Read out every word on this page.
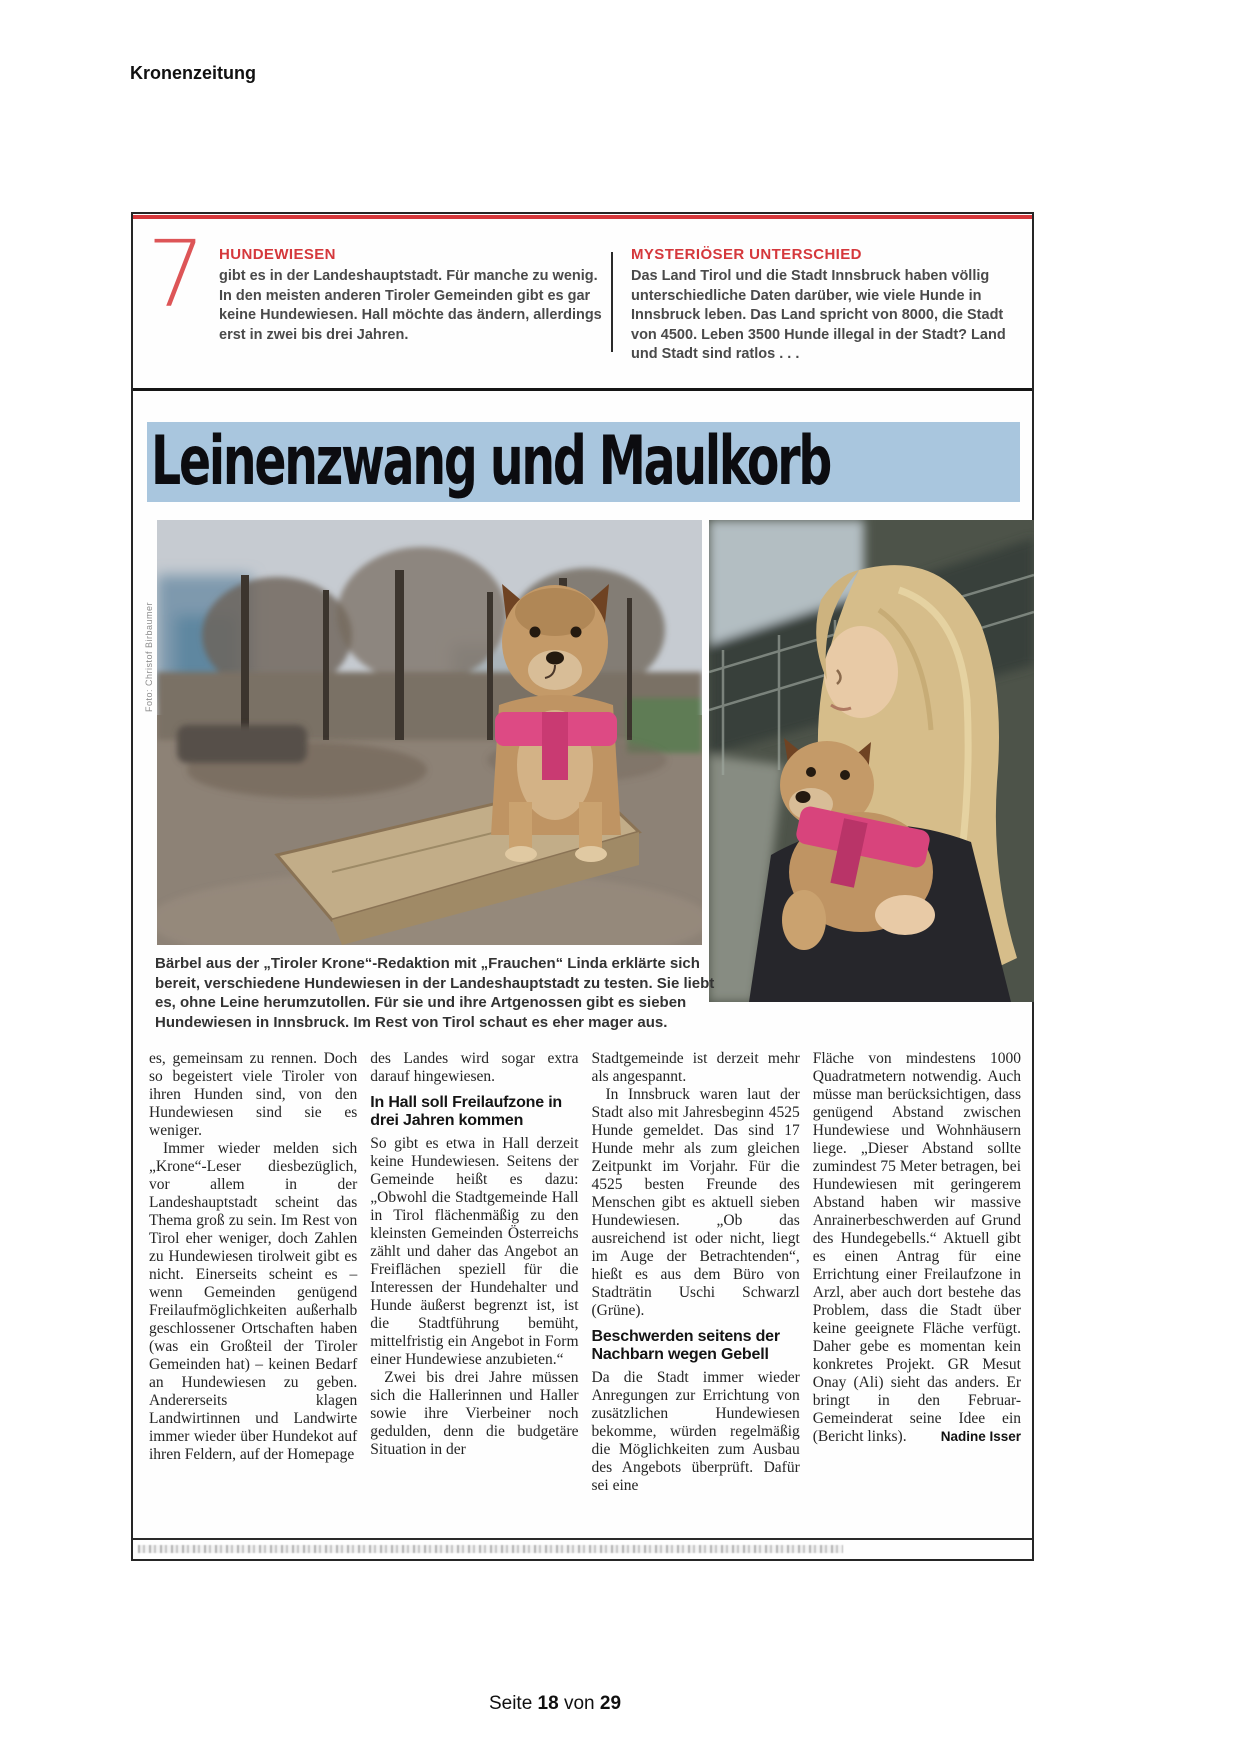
Kronenzeitung
7 HUNDEWIESEN

gibt es in der Landeshauptstadt. Für manche zu wenig. In den meisten anderen Tiroler Gemeinden gibt es gar keine Hundewiesen. Hall möchte das ändern, allerdings erst in zwei bis drei Jahren.

MYSTERIÖSER UNTERSCHIED

Das Land Tirol und die Stadt Innsbruck haben völlig unterschiedliche Daten darüber, wie viele Hunde in Innsbruck leben. Das Land spricht von 8000, die Stadt von 4500. Leben 3500 Hunde illegal in der Stadt? Land und Stadt sind ratlos . . .

Leinenzwang und Maulkorb
Foto: Christof Birbaumer

Bärbel aus der „Tiroler Krone“-Redaktion mit „Frauchen“ Linda erklärte sich bereit, verschiedene Hundewiesen in der Landeshauptstadt zu testen. Sie liebt es, ohne Leine herumzutollen. Für sie und ihre Artgenossen gibt es sieben Hundewiesen in Innsbruck. Im Rest von Tirol schaut es eher mager aus.

es, gemeinsam zu rennen. Doch so begeistert viele Tiroler von ihren Hunden sind, von den Hundewiesen sind sie es weniger.

Immer wieder melden sich „Krone“-Leser diesbezüglich, vor allem in der Landeshauptstadt scheint das Thema groß zu sein. Im Rest von Tirol eher weniger, doch Zahlen zu Hundewiesen tirolweit gibt es nicht. Einerseits scheint es – wenn Gemeinden genügend Freilaufmöglichkeiten außerhalb geschlossener Ortschaften haben (was ein Großteil der Tiroler Gemeinden hat) – keinen Bedarf an Hundewiesen zu geben. Andererseits klagen Landwirtinnen und Landwirte immer wieder über Hundekot auf ihren Feldern, auf der Homepage

des Landes wird sogar extra darauf hingewiesen.

In Hall soll Freilaufzone in drei Jahren kommen

So gibt es etwa in Hall derzeit keine Hundewiesen. Seitens der Gemeinde heißt es dazu: „Obwohl die Stadtgemeinde Hall in Tirol flächenmäßig zu den kleinsten Gemeinden Österreichs zählt und daher das Angebot an Freiflächen speziell für die Interessen der Hundehalter und Hunde äußerst begrenzt ist, ist die Stadtführung bemüht, mittelfristig ein Angebot in Form einer Hundewiese anzubieten.“

Zwei bis drei Jahre müssen sich die Hallerinnen und Haller sowie ihre Vierbeiner noch gedulden, denn die budgetäre Situation in der

Stadtgemeinde ist derzeit mehr als angespannt.

In Innsbruck waren laut der Stadt also mit Jahresbeginn 4525 Hunde gemeldet. Das sind 17 Hunde mehr als zum gleichen Zeitpunkt im Vorjahr. Für die 4525 besten Freunde des Menschen gibt es aktuell sieben Hundewiesen. „Ob das ausreichend ist oder nicht, liegt im Auge der Betrachtenden“, hießt es aus dem Büro von Stadträtin Uschi Schwarzl (Grüne).

Beschwerden seitens der Nachbarn wegen Gebell

Da die Stadt immer wieder Anregungen zur Errichtung von zusätzlichen Hundewiesen bekomme, würden regelmäßig die Möglichkeiten zum Ausbau des Angebots überprüft. Dafür sei eine

Fläche von mindestens 1000 Quadratmetern notwendig. Auch müsse man berücksichtigen, dass genügend Abstand zwischen Hundewiese und Wohnhäusern liege. „Dieser Abstand sollte zumindest 75 Meter betragen, bei Hundewiesen mit geringerem Abstand haben wir massive Anrainerbeschwerden auf Grund des Hundegebells.“ Aktuell gibt es einen Antrag für eine Errichtung einer Freilaufzone in Arzl, aber auch dort bestehe das Problem, dass die Stadt über keine geeignete Fläche verfügt. Daher gebe es momentan kein konkretes Projekt. GR Mesut Onay (Ali) sieht das anders. Er bringt in den Februar-Gemeinderat seine Idee ein (Bericht links).	Nadine Isser

Seite 18 von 29
